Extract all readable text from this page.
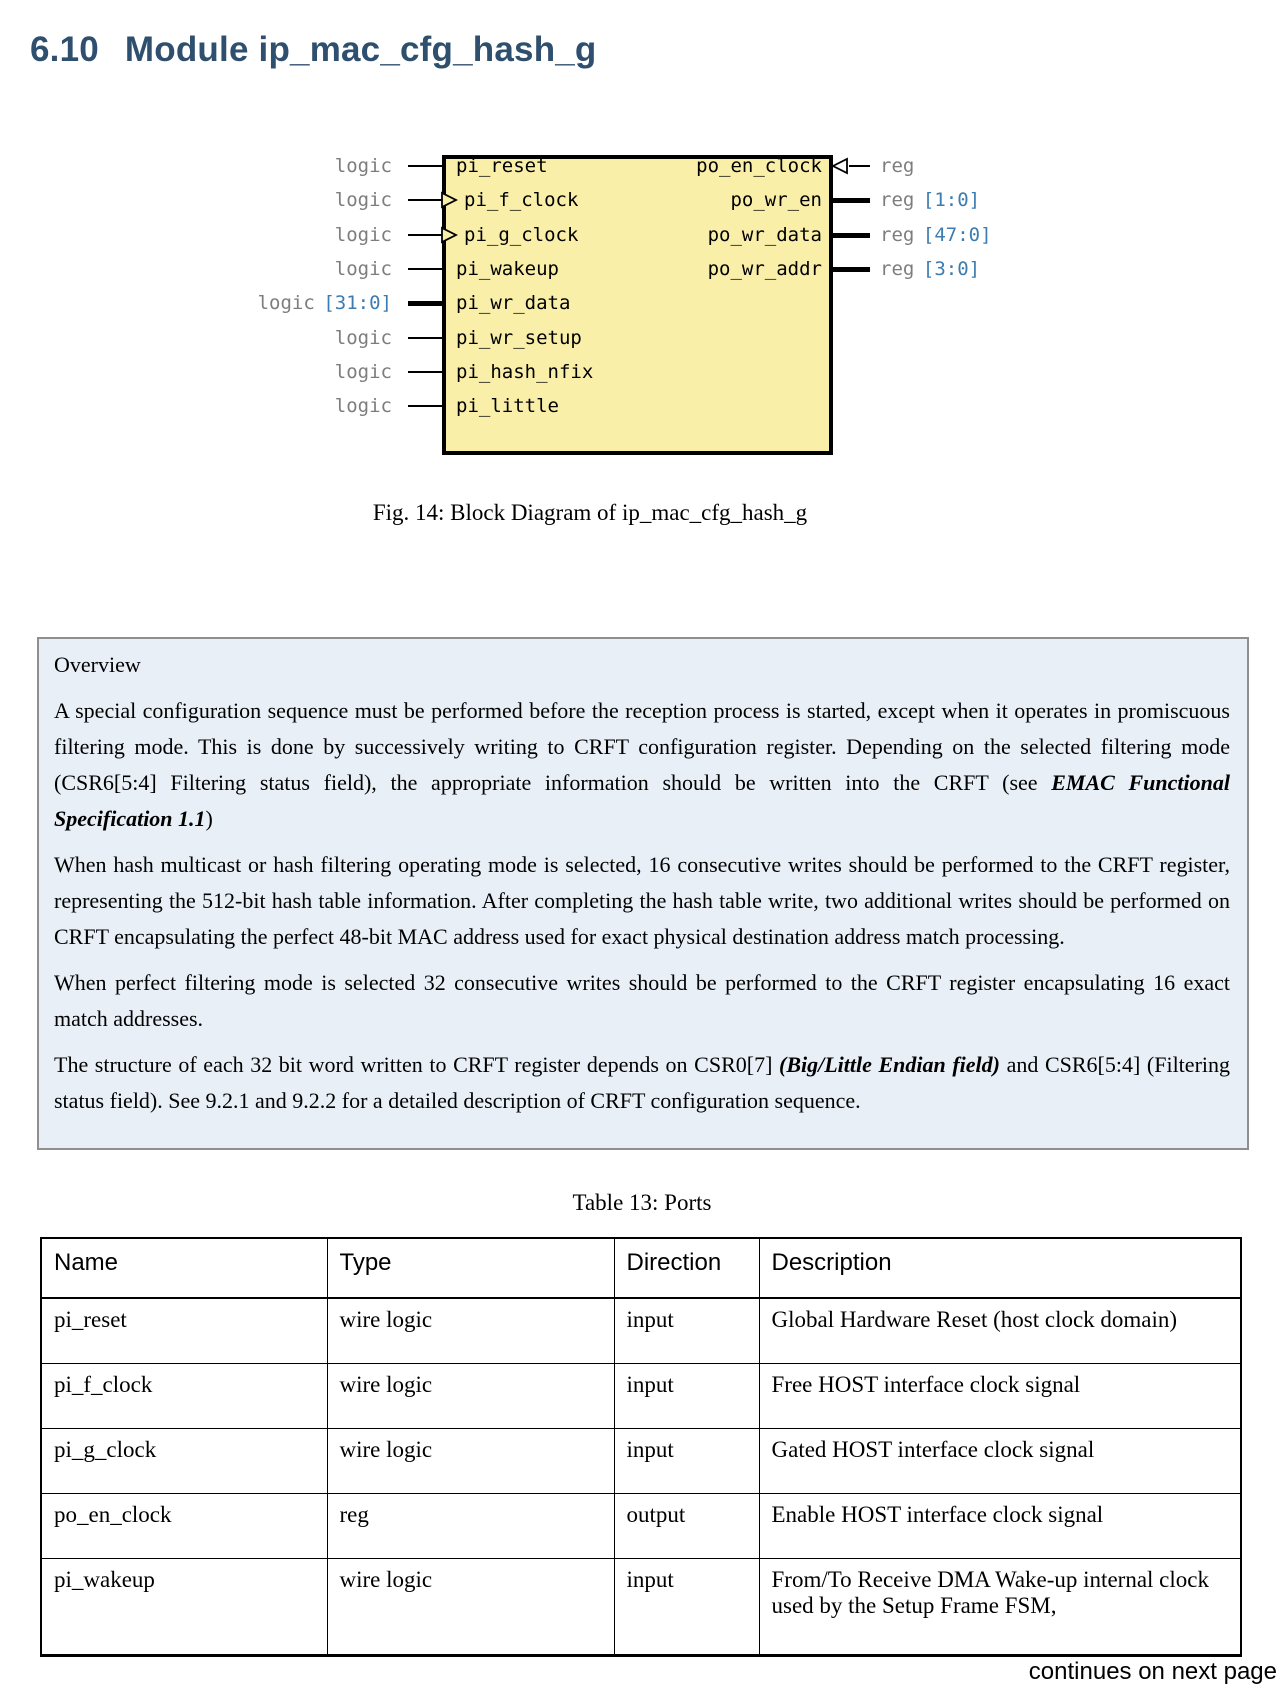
6.10 Module ip_mac_cfg_hash_g
Fig. 14: Block Diagram of ip_mac_cfg_hash_g
logic	pi_reset
logic	pi_f_clock
logic	pi_g_clock
logic	pi_wakeup
logic [31:0]	pi_wr_data
logic	pi_wr_setup
logic	pi_hash_nfix
logic	pi_little
po_en_clock	reg
po_wr_en	reg [1:0]
po_wr_data	reg [47:0]
po_wr_addr	reg [3:0]
Overview

A special configuration sequence must be performed before the reception process is started, except when it operates in promiscuous filtering mode. This is done by successively writing to CRFT configuration register. Depending on the selected filtering mode (CSR6[5:4] Filtering status field), the appropriate information should be written into the CRFT (see EMAC Functional Specification 1.1)

When hash multicast or hash filtering operating mode is selected, 16 consecutive writes should be performed to the CRFT register, representing the 512-bit hash table information. After completing the hash table write, two additional writes should be performed on CRFT encapsulating the perfect 48-bit MAC address used for exact physical destination address match processing.

When perfect filtering mode is selected 32 consecutive writes should be performed to the CRFT register encapsulating 16 exact match addresses.

The structure of each 32 bit word written to CRFT register depends on CSR0[7] (Big/Little Endian field) and CSR6[5:4] (Filtering status field). See 9.2.1 and 9.2.2 for a detailed description of CRFT configuration sequence.

Table 13: Ports
Name	Type	Direction	Description
pi_reset	wire logic	input	Global Hardware Reset (host clock domain)
pi_f_clock	wire logic	input	Free HOST interface clock signal
pi_g_clock	wire logic	input	Gated HOST interface clock signal
po_en_clock	reg	output	Enable HOST interface clock signal
pi_wakeup	wire logic	input	From/To Receive DMA Wake-up internal clock used by the Setup Frame FSM,
continues on next page
